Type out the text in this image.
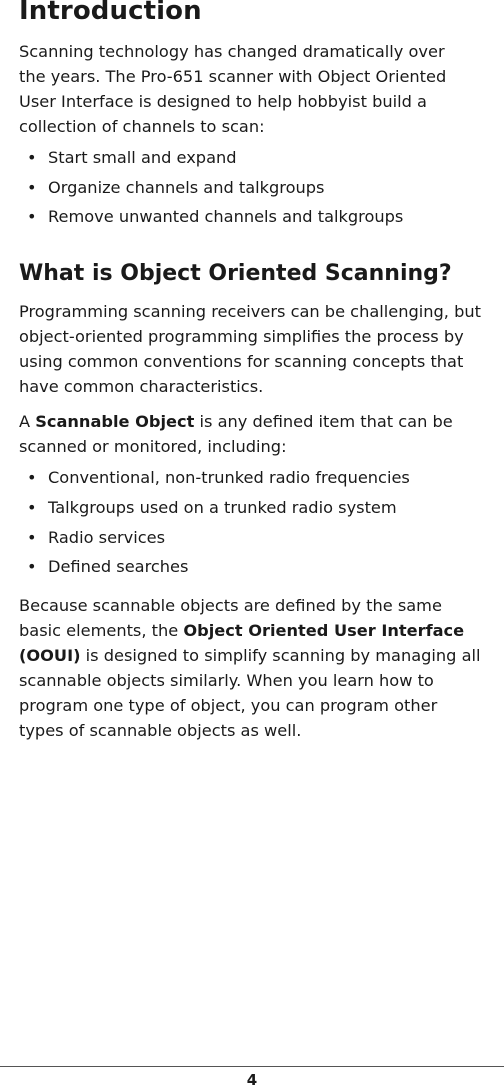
Introduction

Scanning technology has changed dramatically over the years. The Pro-651 scanner with Object Oriented User Interface is designed to help hobbyist build a collection of channels to scan:

• Start small and expand
• Organize channels and talkgroups
• Remove unwanted channels and talkgroups
What is Object Oriented Scanning?

Programming scanning receivers can be challenging, but object-oriented programming simplifies the process by using common conventions for scanning concepts that have common characteristics.

A Scannable Object is any defined item that can be scanned or monitored, including:

• Conventional, non-trunked radio frequencies
• Talkgroups used on a trunked radio system
• Radio services
• Defined searches

Because scannable objects are defined by the same basic elements, the Object Oriented User Interface (OOUI) is designed to simplify scanning by managing all scannable objects similarly. When you learn how to program one type of object, you can program other types of scannable objects as well.

4
